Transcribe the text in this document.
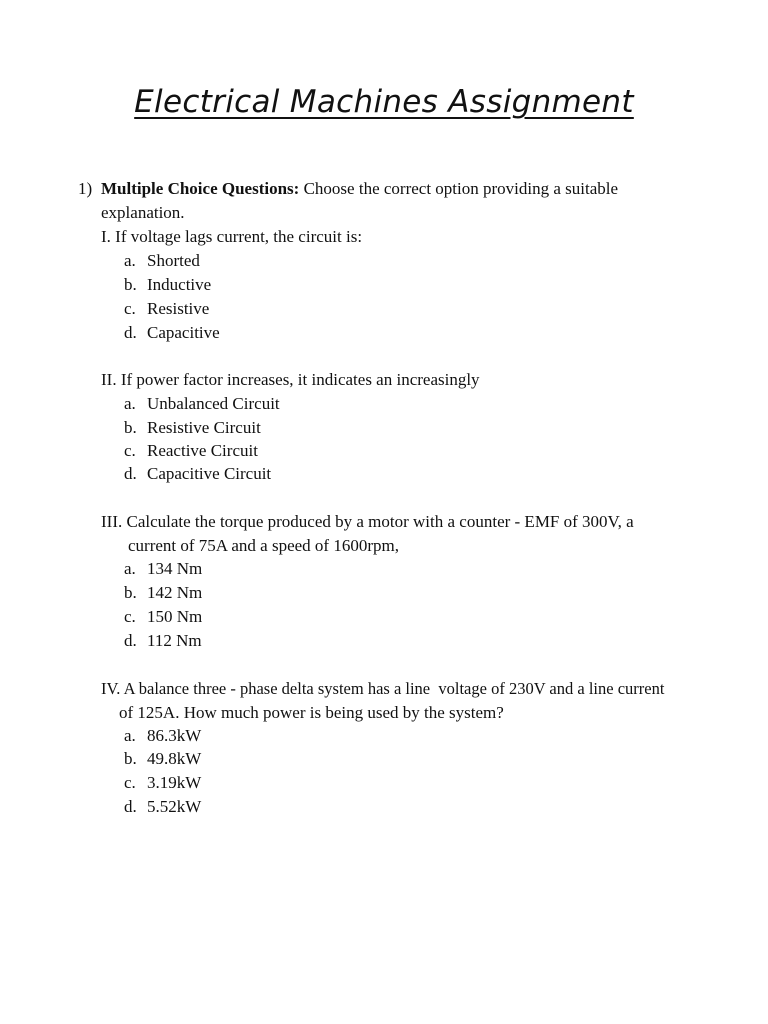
Electrical Machines Assignment
1) Multiple Choice Questions: Choose the correct option providing a suitable
explanation.
I. If voltage lags current, the circuit is:
a. Shorted
b. Inductive
c. Resistive
d. Capacitive
II. If power factor increases, it indicates an increasingly
a. Unbalanced Circuit
b. Resistive Circuit
c. Reactive Circuit
d. Capacitive Circuit
III. Calculate the torque produced by a motor with a counter - EMF of 300V, a
current of 75A and a speed of 1600rpm,
a. 134 Nm
b. 142 Nm
c. 150 Nm
d. 112 Nm
IV. A balance three - phase delta system has a line  voltage of 230V and a line current
of 125A. How much power is being used by the system?
a. 86.3kW
b. 49.8kW
c. 3.19kW
d. 5.52kW
